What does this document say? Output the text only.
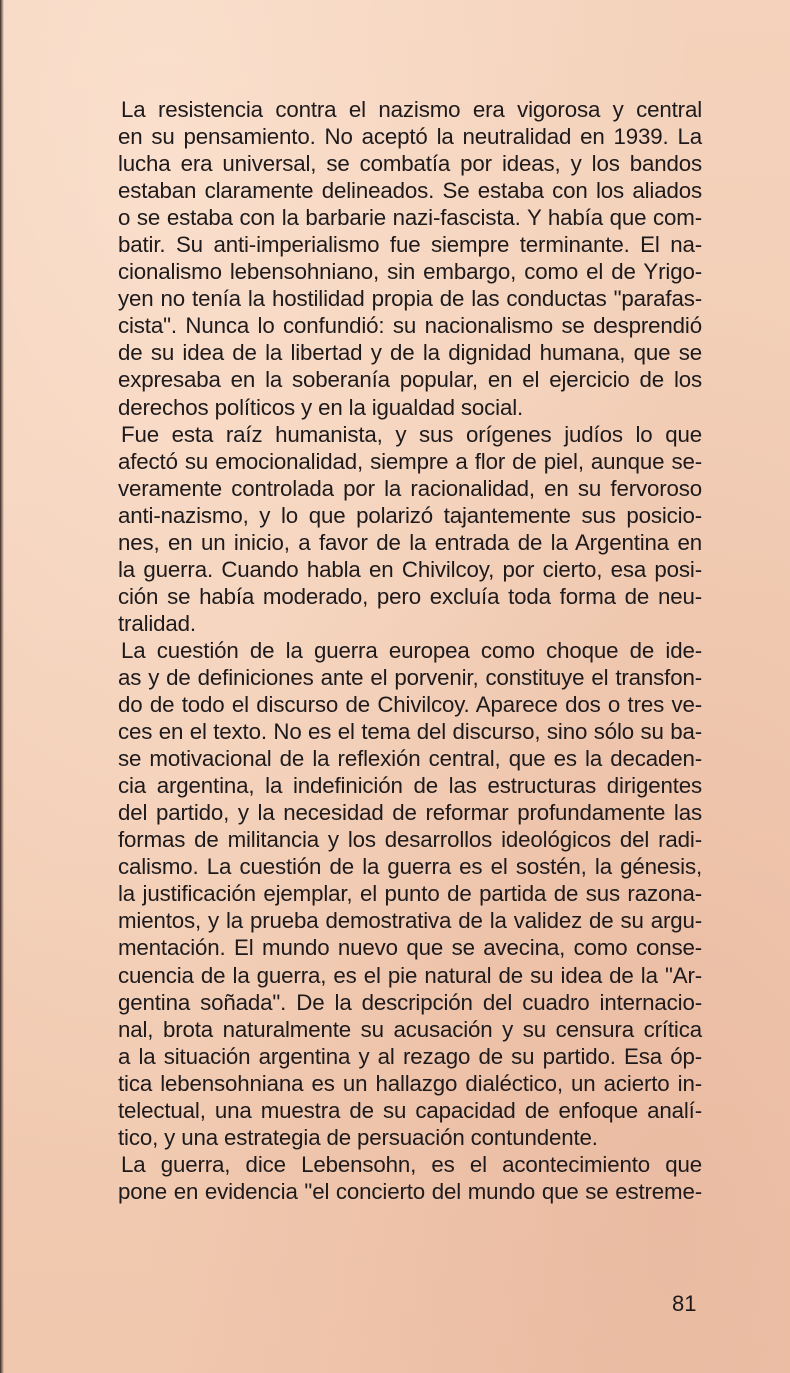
La resistencia contra el nazismo era vigorosa y central
en su pensamiento. No aceptó la neutralidad en 1939. La
lucha era universal, se combatía por ideas, y los bandos
estaban claramente delineados. Se estaba con los aliados
o se estaba con la barbarie nazi-fascista. Y había que com-
batir. Su anti-imperialismo fue siempre terminante. El na-
cionalismo lebensohniano, sin embargo, como el de Yrigo-
yen no tenía la hostilidad propia de las conductas "parafas-
cista". Nunca lo confundió: su nacionalismo se desprendió
de su idea de la libertad y de la dignidad humana, que se
expresaba en la soberanía popular, en el ejercicio de los
derechos políticos y en la igualdad social.
Fue esta raíz humanista, y sus orígenes judíos lo que
afectó su emocionalidad, siempre a flor de piel, aunque se-
veramente controlada por la racionalidad, en su fervoroso
anti-nazismo, y lo que polarizó tajantemente sus posicio-
nes, en un inicio, a favor de la entrada de la Argentina en
la guerra. Cuando habla en Chivilcoy, por cierto, esa posi-
ción se había moderado, pero excluía toda forma de neu-
tralidad.
La cuestión de la guerra europea como choque de ide-
as y de definiciones ante el porvenir, constituye el transfon-
do de todo el discurso de Chivilcoy. Aparece dos o tres ve-
ces en el texto. No es el tema del discurso, sino sólo su ba-
se motivacional de la reflexión central, que es la decaden-
cia argentina, la indefinición de las estructuras dirigentes
del partido, y la necesidad de reformar profundamente las
formas de militancia y los desarrollos ideológicos del radi-
calismo. La cuestión de la guerra es el sostén, la génesis,
la justificación ejemplar, el punto de partida de sus razona-
mientos, y la prueba demostrativa de la validez de su argu-
mentación. El mundo nuevo que se avecina, como conse-
cuencia de la guerra, es el pie natural de su idea de la "Ar-
gentina soñada". De la descripción del cuadro internacio-
nal, brota naturalmente su acusación y su censura crítica
a la situación argentina y al rezago de su partido. Esa óp-
tica lebensohniana es un hallazgo dialéctico, un acierto in-
telectual, una muestra de su capacidad de enfoque analí-
tico, y una estrategia de persuación contundente.
La guerra, dice Lebensohn, es el acontecimiento que
pone en evidencia "el concierto del mundo que se estreme-
81
